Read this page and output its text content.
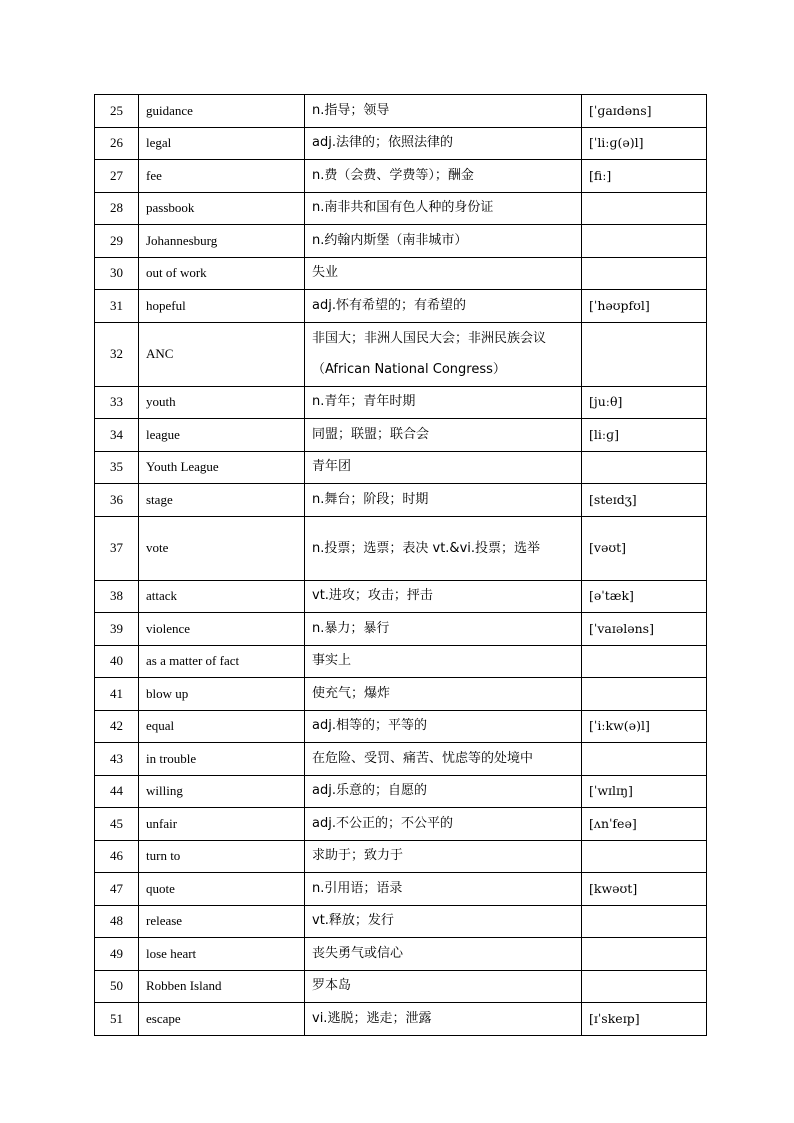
25	guidance	n.指导；领导	[ˈɡaɪdəns]
26	legal	adj.法律的；依照法律的	[ˈliːɡ(ə)l]
27	fee	n.费（会费、学费等）；酬金	[fiː]
28	passbook	n.南非共和国有色人种的身份证	
29	Johannesburg	n.约翰内斯堡（南非城市）	
30	out of work	失业	
31	hopeful	adj.怀有希望的；有希望的	[ˈhəʊpfʊl]
32	ANC	非国大；非洲人国民大会；非洲民族会议（African National Congress）	
33	youth	n.青年；青年时期	[juːθ]
34	league	同盟；联盟；联合会	[liːɡ]
35	Youth League	青年团	
36	stage	n.舞台；阶段；时期	[steɪdʒ]
37	vote	n.投票；选票；表决 vt.&vi.投票；选举	[vəʊt]
38	attack	vt.进攻；攻击；抨击	[əˈtæk]
39	violence	n.暴力；暴行	[ˈvaɪələns]
40	as a matter of fact	事实上	
41	blow up	使充气；爆炸	
42	equal	adj.相等的；平等的	[ˈiːkw(ə)l]
43	in trouble	在危险、受罚、痛苦、忧虑等的处境中	
44	willing	adj.乐意的；自愿的	[ˈwɪlɪŋ]
45	unfair	adj.不公正的；不公平的	[ʌnˈfeə]
46	turn to	求助于；致力于	
47	quote	n.引用语；语录	[kwəʊt]
48	release	vt.释放；发行	
49	lose heart	丧失勇气或信心	
50	Robben Island	罗本岛	
51	escape	vi.逃脱；逃走；泄露	[ɪˈskeɪp]
